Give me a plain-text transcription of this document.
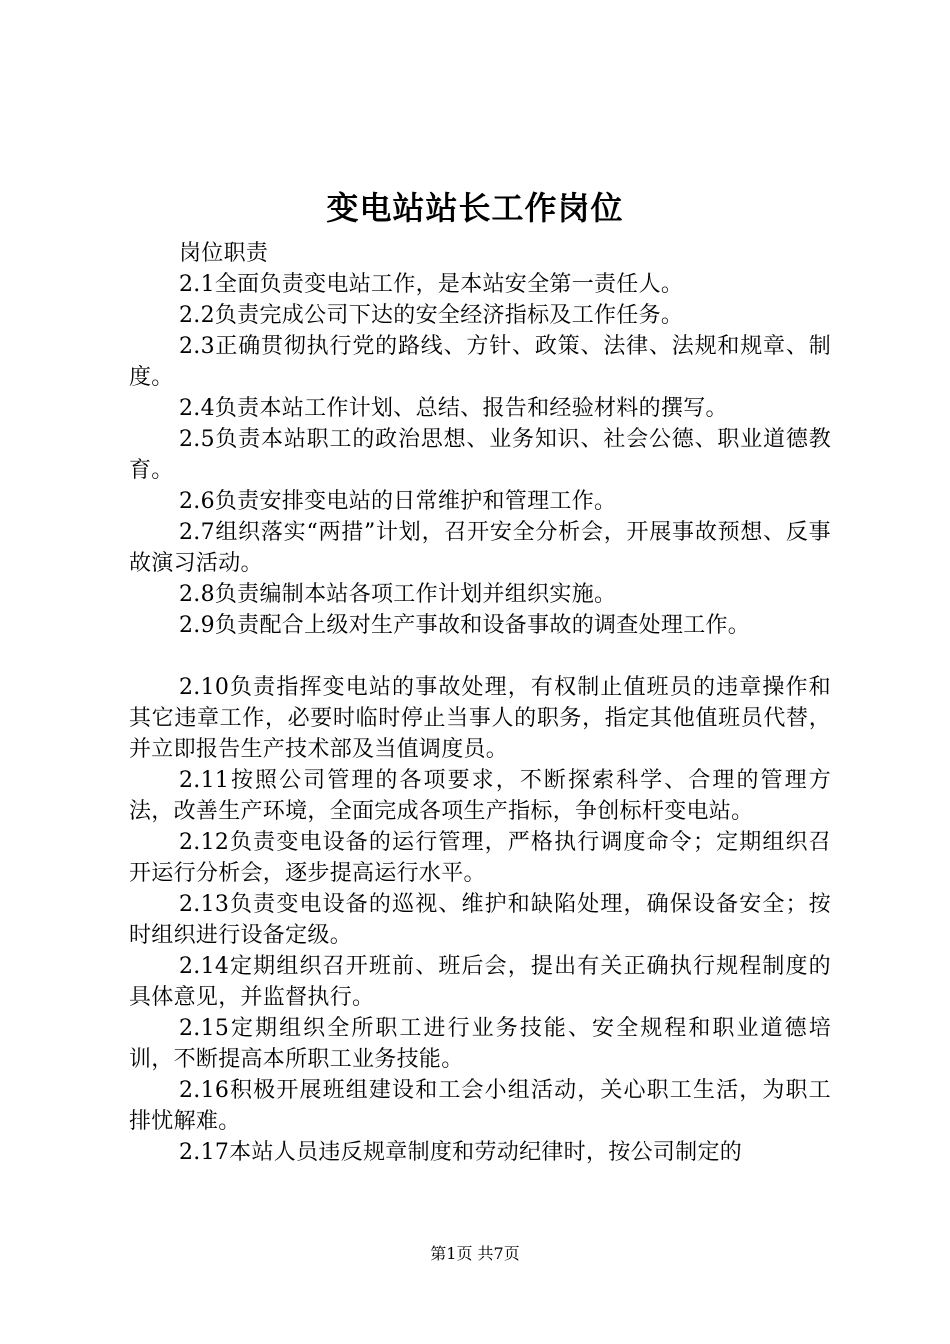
变电站站长工作岗位

岗位职责

2.1全面负责变电站工作，是本站安全第一责任人。

2.2负责完成公司下达的安全经济指标及工作任务。

2.3正确贯彻执行党的路线、方针、政策、法律、法规和规章、制度。

2.4负责本站工作计划、总结、报告和经验材料的撰写。

2.5负责本站职工的政治思想、业务知识、社会公德、职业道德教育。

2.6负责安排变电站的日常维护和管理工作。

2.7组织落实“两措”计划，召开安全分析会，开展事故预想、反事故演习活动。

2.8负责编制本站各项工作计划并组织实施。

2.9负责配合上级对生产事故和设备事故的调查处理工作。

2.10负责指挥变电站的事故处理，有权制止值班员的违章操作和其它违章工作，必要时临时停止当事人的职务，指定其他值班员代替，并立即报告生产技术部及当值调度员。

2.11按照公司管理的各项要求，不断探索科学、合理的管理方法，改善生产环境，全面完成各项生产指标，争创标杆变电站。

2.12负责变电设备的运行管理，严格执行调度命令；定期组织召开运行分析会，逐步提高运行水平。

2.13负责变电设备的巡视、维护和缺陷处理，确保设备安全；按时组织进行设备定级。

2.14定期组织召开班前、班后会，提出有关正确执行规程制度的具体意见，并监督执行。

2.15定期组织全所职工进行业务技能、安全规程和职业道德培训，不断提高本所职工业务技能。

2.16积极开展班组建设和工会小组活动，关心职工生活，为职工排忧解难。

2.17本站人员违反规章制度和劳动纪律时，按公司制定的

第1页 共7页
